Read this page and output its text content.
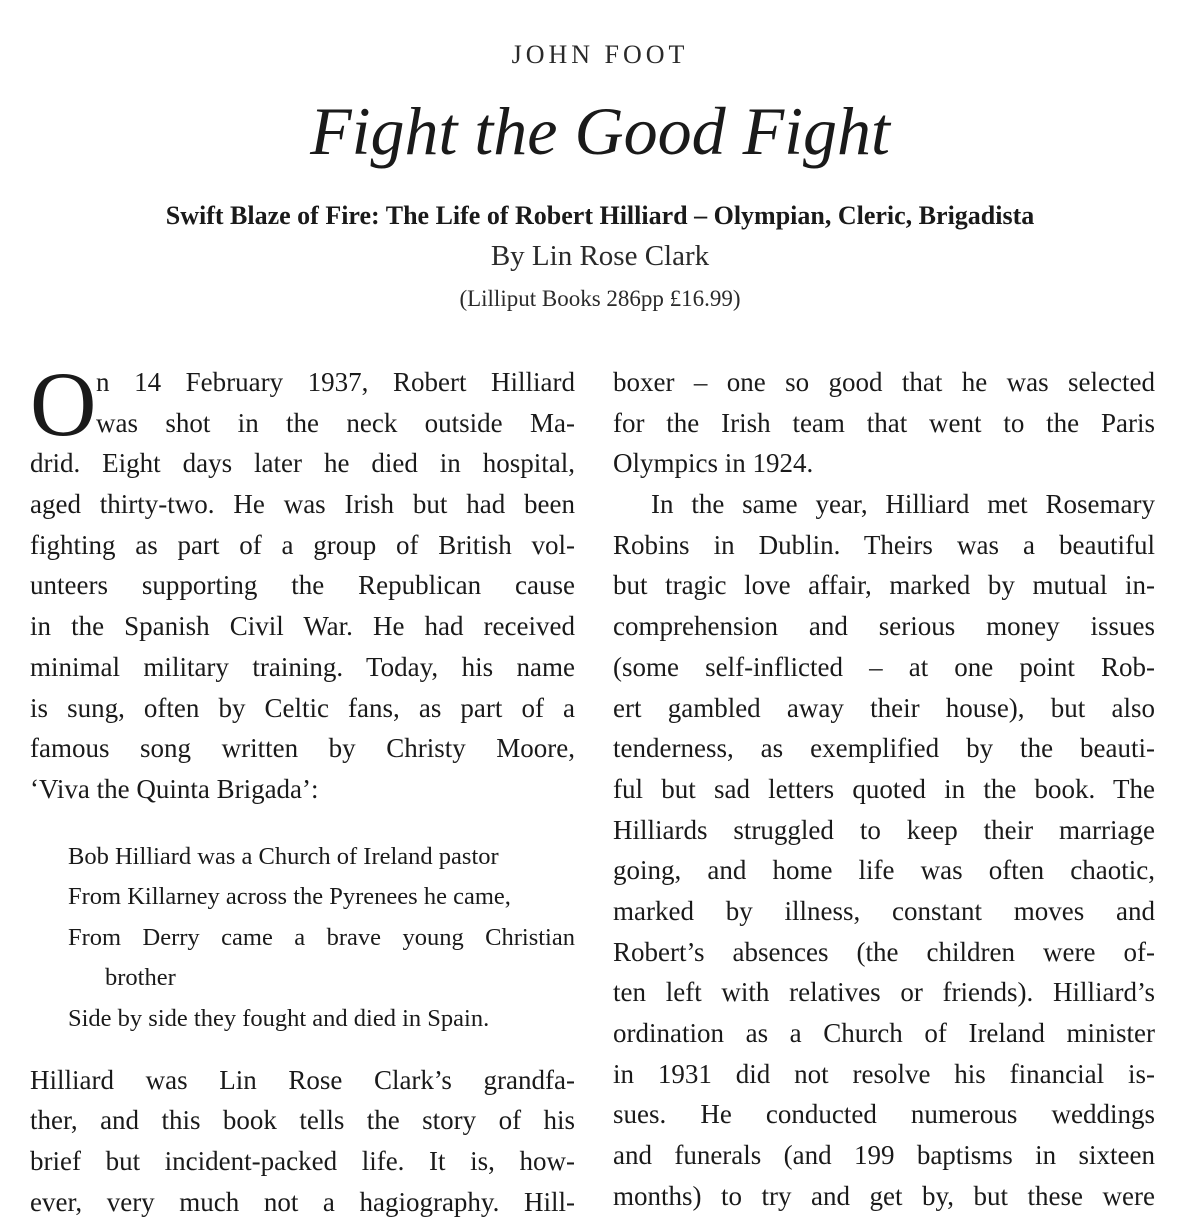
JOHN FOOT
Fight the Good Fight
Swift Blaze of Fire: The Life of Robert Hilliard – Olympian, Cleric, Brigadista
By Lin Rose Clark
(Lilliput Books 286pp £16.99)
O n 14 February 1937, Robert Hilliard
was shot in the neck outside Ma-
drid. Eight days later he died in hospital,
aged thirty-two. He was Irish but had been
fighting as part of a group of British vol-
unteers supporting the Republican cause
in the Spanish Civil War. He had received
minimal military training. Today, his name
is sung, often by Celtic fans, as part of a
famous song written by Christy Moore,
‘Viva the Quinta Brigada’:
Bob Hilliard was a Church of Ireland pastor
From Killarney across the Pyrenees he came,
From Derry came a brave young Christian
brother
Side by side they fought and died in Spain.
Hilliard was Lin Rose Clark’s grandfa-
ther, and this book tells the story of his
brief but incident-packed life. It is, how-
ever, very much not a hagiography. Hill-
boxer – one so good that he was selected
for the Irish team that went to the Paris
Olympics in 1924.
In the same year, Hilliard met Rosemary
Robins in Dublin. Theirs was a beautiful
but tragic love affair, marked by mutual in-
comprehension and serious money issues
(some self-inflicted – at one point Rob-
ert gambled away their house), but also
tenderness, as exemplified by the beauti-
ful but sad letters quoted in the book. The
Hilliards struggled to keep their marriage
going, and home life was often chaotic,
marked by illness, constant moves and
Robert’s absences (the children were of-
ten left with relatives or friends). Hilliard’s
ordination as a Church of Ireland minister
in 1931 did not resolve his financial is-
sues. He conducted numerous weddings
and funerals (and 199 baptisms in sixteen
months) to try and get by, but these were
